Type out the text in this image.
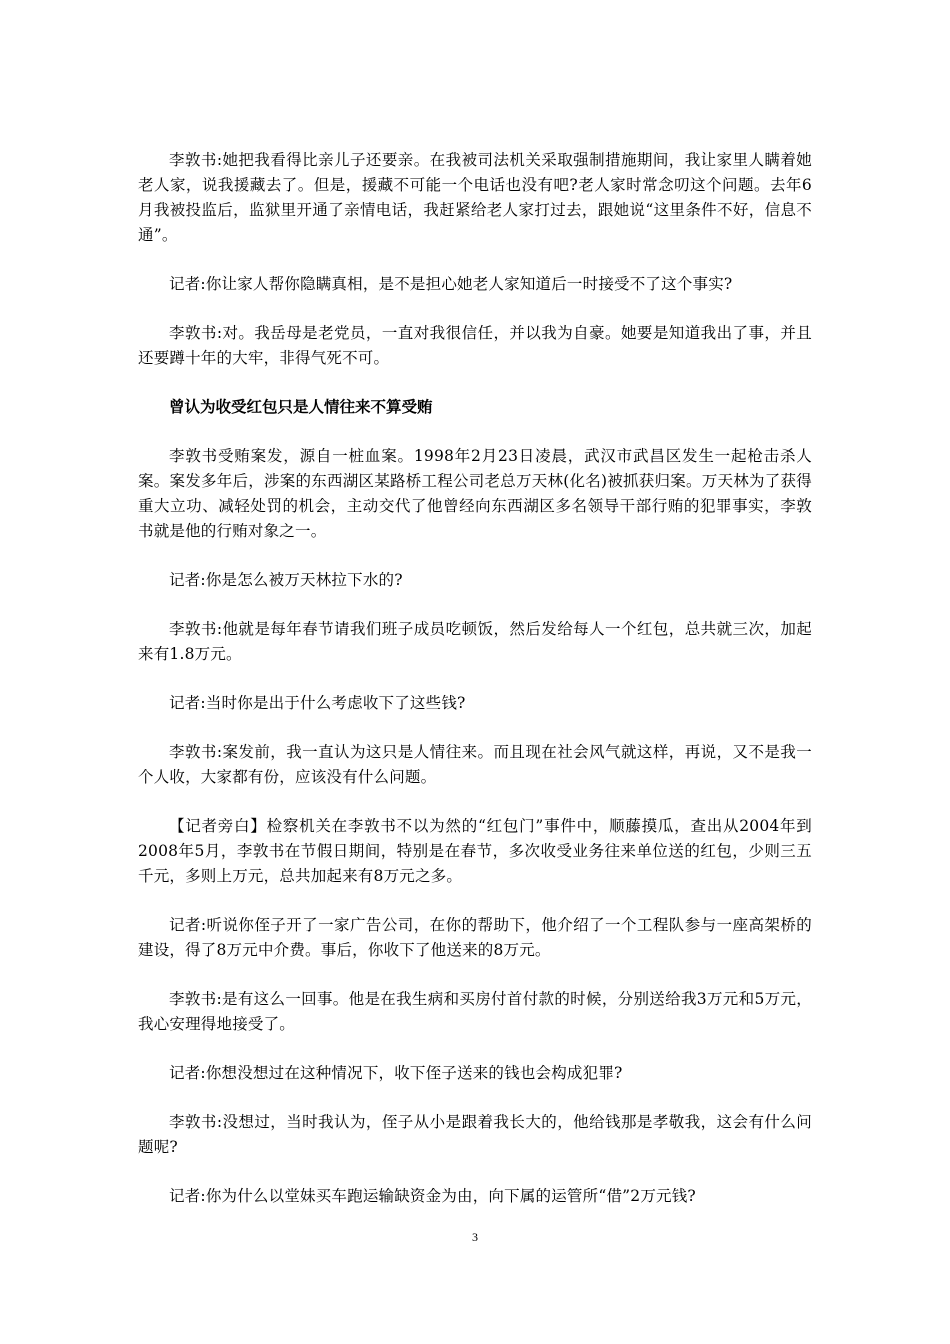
李敦书:她把我看得比亲儿子还要亲。在我被司法机关采取强制措施期间，我让家里人瞒着她老人家，说我援藏去了。但是，援藏不可能一个电话也没有吧?老人家时常念叨这个问题。去年6月我被投监后，监狱里开通了亲情电话，我赶紧给老人家打过去，跟她说“这里条件不好，信息不通”。

记者:你让家人帮你隐瞒真相，是不是担心她老人家知道后一时接受不了这个事实?

李敦书:对。我岳母是老党员，一直对我很信任，并以我为自豪。她要是知道我出了事，并且还要蹲十年的大牢，非得气死不可。

曾认为收受红包只是人情往来不算受贿

李敦书受贿案发，源自一桩血案。1998年2月23日凌晨，武汉市武昌区发生一起枪击杀人案。案发多年后，涉案的东西湖区某路桥工程公司老总万天林(化名)被抓获归案。万天林为了获得重大立功、减轻处罚的机会，主动交代了他曾经向东西湖区多名领导干部行贿的犯罪事实，李敦书就是他的行贿对象之一。

记者:你是怎么被万天林拉下水的?

李敦书:他就是每年春节请我们班子成员吃顿饭，然后发给每人一个红包，总共就三次，加起来有1.8万元。

记者:当时你是出于什么考虑收下了这些钱?

李敦书:案发前，我一直认为这只是人情往来。而且现在社会风气就这样，再说，又不是我一个人收，大家都有份，应该没有什么问题。

【记者旁白】检察机关在李敦书不以为然的“红包门”事件中，顺藤摸瓜，查出从2004年到2008年5月，李敦书在节假日期间，特别是在春节，多次收受业务往来单位送的红包，少则三五千元，多则上万元，总共加起来有8万元之多。

记者:听说你侄子开了一家广告公司，在你的帮助下，他介绍了一个工程队参与一座高架桥的建设，得了8万元中介费。事后，你收下了他送来的8万元。

李敦书:是有这么一回事。他是在我生病和买房付首付款的时候，分别送给我3万元和5万元，我心安理得地接受了。

记者:你想没想过在这种情况下，收下侄子送来的钱也会构成犯罪?

李敦书:没想过，当时我认为，侄子从小是跟着我长大的，他给钱那是孝敬我，这会有什么问题呢?

记者:你为什么以堂妹买车跑运输缺资金为由，向下属的运管所“借”2万元钱?

3
